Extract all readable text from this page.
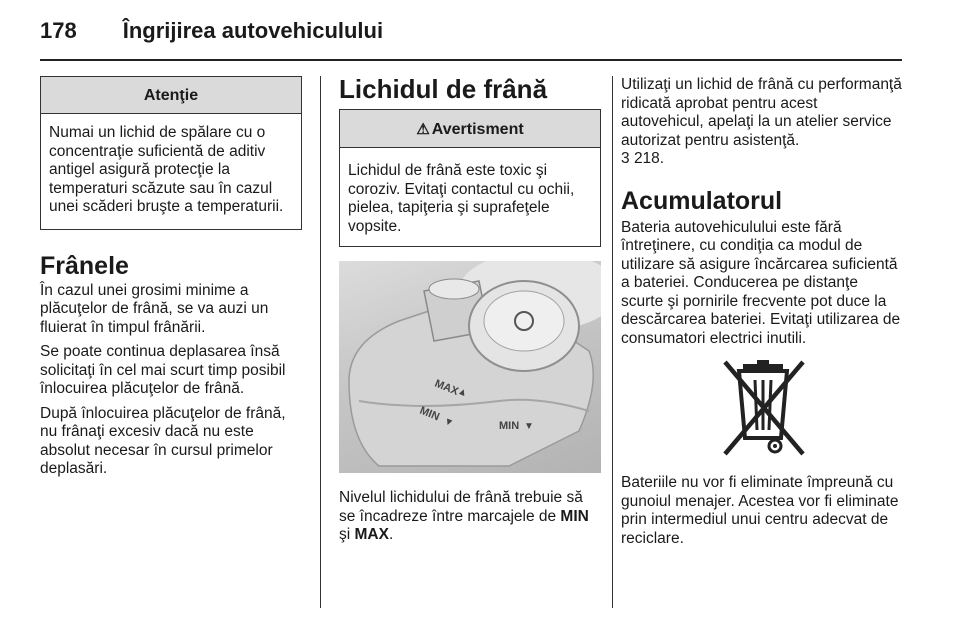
178 Îngrijirea autovehiculului
Atenţie
Numai un lichid de spălare cu o concentraţie suficientă de aditiv antigel asigură protecţie la temperaturi scăzute sau în cazul unei scăderi bruşte a temperaturii.
Frânele

În cazul unei grosimi minime a plăcuţelor de frână, se va auzi un fluierat în timpul frânării.

Se poate continua deplasarea însă solicitaţi în cel mai scurt timp posibil înlocuirea plăcuţelor de frână.

După înlocuirea plăcuţelor de frână, nu frânaţi excesiv dacă nu este absolut necesar în cursul primelor deplasări.

Lichidul de frână
⚠ Avertisment
Lichidul de frână este toxic şi coroziv. Evitaţi contactul cu ochii, pielea, tapiţeria şi suprafeţele vopsite.
MAX
▲
MIN ▼	MIN ▼

Nivelul lichidului de frână trebuie să se încadreze între marcajele de MIN şi MAX.

Utilizaţi un lichid de frână cu performanţă ridicată aprobat pentru acest autovehicul, apelaţi la un atelier service autorizat pentru asistenţă.

3 218.

Acumulatorul

Bateria autovehiculului este fără întreţinere, cu condiţia ca modul de utilizare să asigure încărcarea suficientă a bateriei. Conducerea pe distanţe scurte şi pornirile frecvente pot duce la descărcarea bateriei. Evitaţi utilizarea de consumatori electrici inutili.

Bateriile nu vor fi eliminate împreună cu gunoiul menajer. Acestea vor fi eliminate prin intermediul unui centru adecvat de reciclare.
